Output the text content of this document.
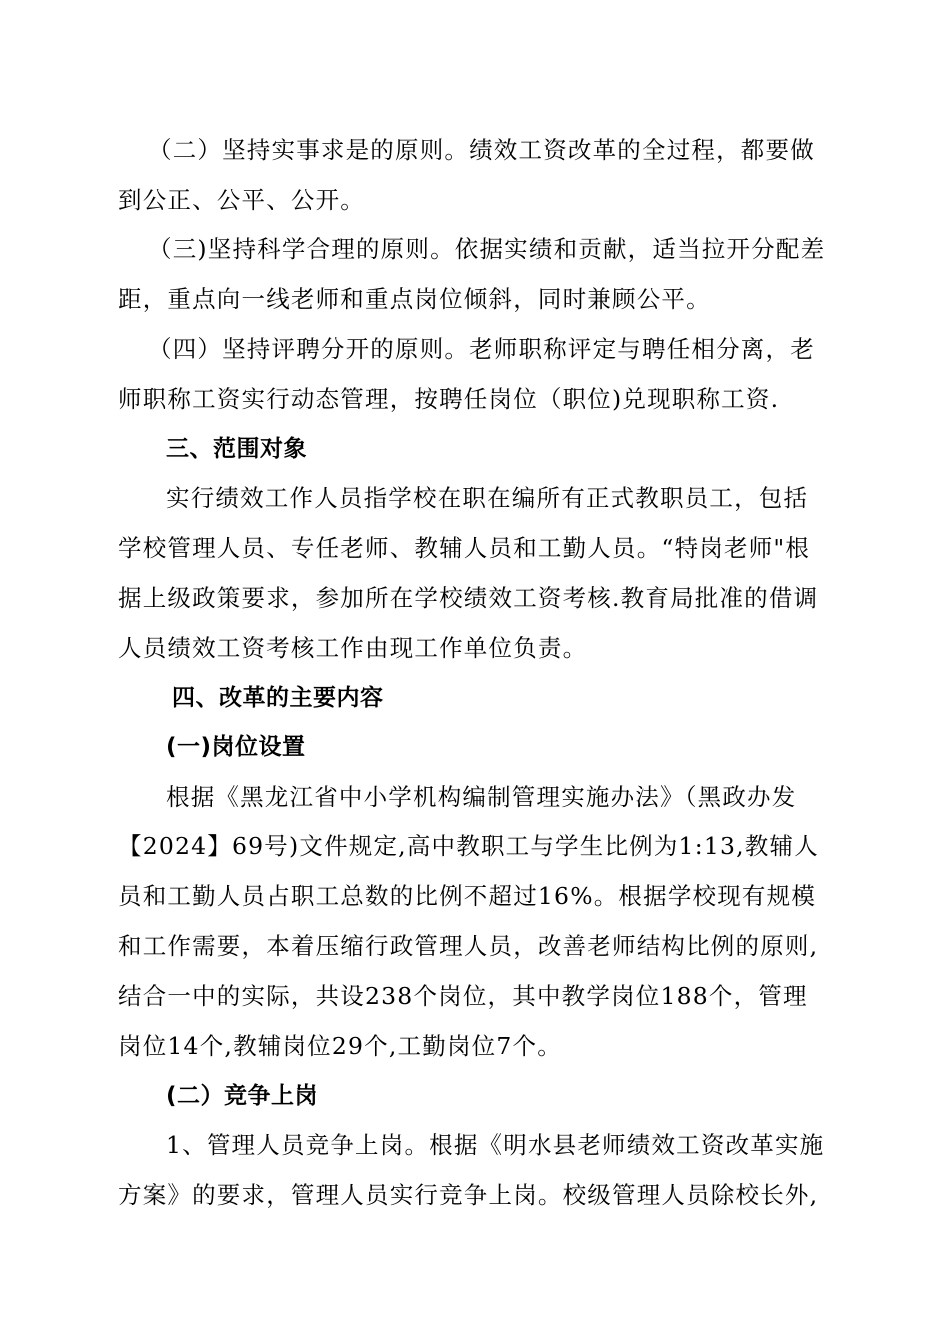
（二）坚持实事求是的原则。绩效工资改革的全过程，都要做
到公正、公平、公开。
（三)坚持科学合理的原则。依据实绩和贡献，适当拉开分配差
距，重点向一线老师和重点岗位倾斜，同时兼顾公平。
（四）坚持评聘分开的原则。老师职称评定与聘任相分离，老
师职称工资实行动态管理，按聘任岗位（职位)兑现职称工资.
三、范围对象
实行绩效工作人员指学校在职在编所有正式教职员工，包括
学校管理人员、专任老师、教辅人员和工勤人员。“特岗老师"根
据上级政策要求，参加所在学校绩效工资考核.教育局批准的借调
人员绩效工资考核工作由现工作单位负责。
四、改革的主要内容
(一)岗位设置
根据《黑龙江省中小学机构编制管理实施办法》（黑政办发
【2024】69号)文件规定,高中教职工与学生比例为1:13,教辅人
员和工勤人员占职工总数的比例不超过16%。根据学校现有规模
和工作需要，本着压缩行政管理人员，改善老师结构比例的原则,
结合一中的实际，共设238个岗位，其中教学岗位188个，管理
岗位14个,教辅岗位29个,工勤岗位7个。
(二）竞争上岗
1、管理人员竞争上岗。根据《明水县老师绩效工资改革实施
方案》的要求，管理人员实行竞争上岗。校级管理人员除校长外,
